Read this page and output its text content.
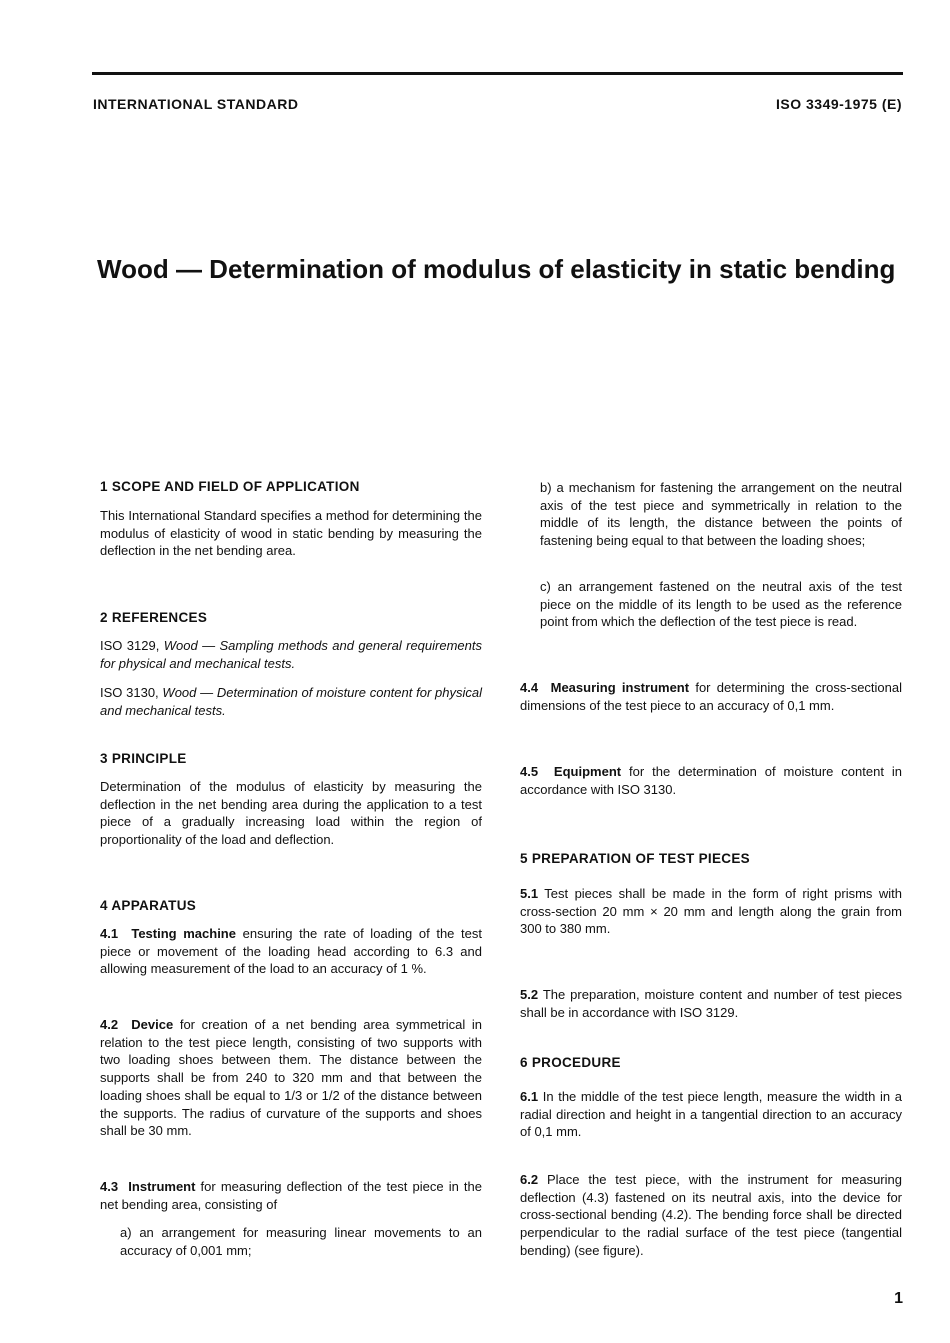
INTERNATIONAL STANDARD	ISO 3349-1975 (E)
Wood — Determination of modulus of elasticity in static bending
1 SCOPE AND FIELD OF APPLICATION
This International Standard specifies a method for determining the modulus of elasticity of wood in static bending by measuring the deflection in the net bending area.
2 REFERENCES
ISO 3129, Wood — Sampling methods and general requirements for physical and mechanical tests.
ISO 3130, Wood — Determination of moisture content for physical and mechanical tests.
3 PRINCIPLE
Determination of the modulus of elasticity by measuring the deflection in the net bending area during the application to a test piece of a gradually increasing load within the region of proportionality of the load and deflection.
4 APPARATUS
4.1 Testing machine ensuring the rate of loading of the test piece or movement of the loading head according to 6.3 and allowing measurement of the load to an accuracy of 1 %.
4.2 Device for creation of a net bending area symmetrical in relation to the test piece length, consisting of two supports with two loading shoes between them. The distance between the supports shall be from 240 to 320 mm and that between the loading shoes shall be equal to 1/3 or 1/2 of the distance between the supports. The radius of curvature of the supports and shoes shall be 30 mm.
4.3 Instrument for measuring deflection of the test piece in the net bending area, consisting of
a) an arrangement for measuring linear movements to an accuracy of 0,001 mm;
b) a mechanism for fastening the arrangement on the neutral axis of the test piece and symmetrically in relation to the middle of its length, the distance between the points of fastening being equal to that between the loading shoes;
c) an arrangement fastened on the neutral axis of the test piece on the middle of its length to be used as the reference point from which the deflection of the test piece is read.
4.4 Measuring instrument for determining the cross-sectional dimensions of the test piece to an accuracy of 0,1 mm.
4.5 Equipment for the determination of moisture content in accordance with ISO 3130.
5 PREPARATION OF TEST PIECES
5.1 Test pieces shall be made in the form of right prisms with cross-section 20 mm × 20 mm and length along the grain from 300 to 380 mm.
5.2 The preparation, moisture content and number of test pieces shall be in accordance with ISO 3129.
6 PROCEDURE
6.1 In the middle of the test piece length, measure the width in a radial direction and height in a tangential direction to an accuracy of 0,1 mm.
6.2 Place the test piece, with the instrument for measuring deflection (4.3) fastened on its neutral axis, into the device for cross-sectional bending (4.2). The bending force shall be directed perpendicular to the radial surface of the test piece (tangential bending) (see figure).
1
